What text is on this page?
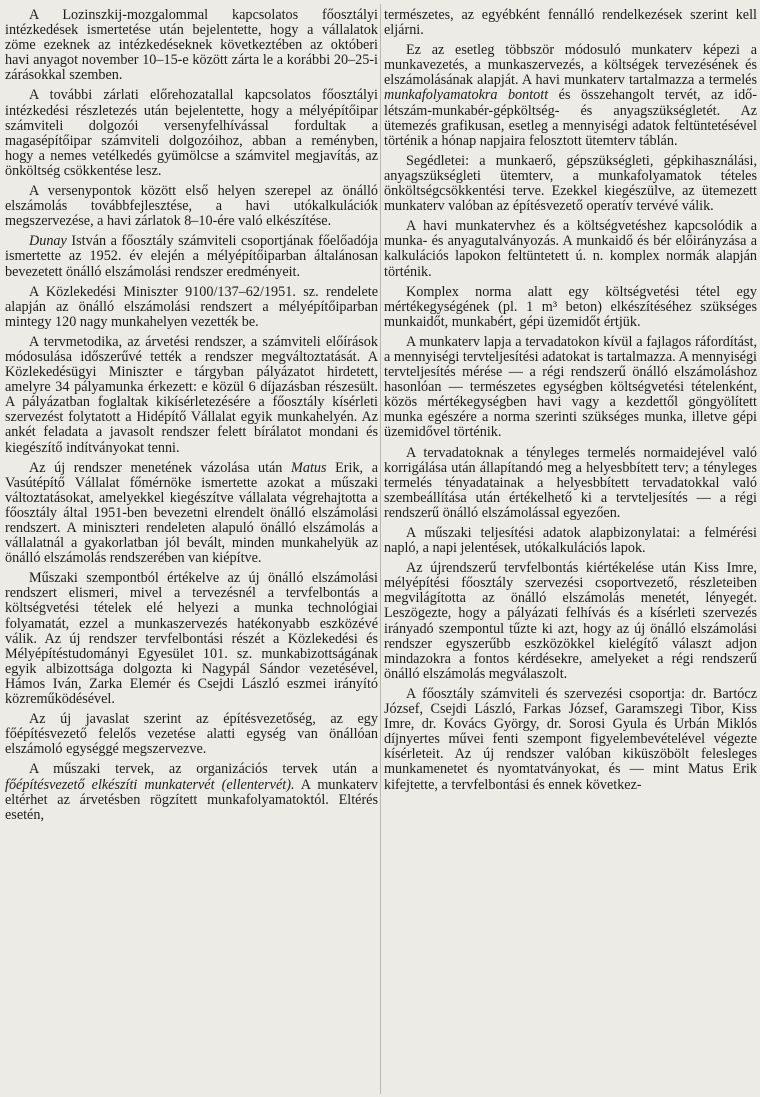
A Lozinszkij-mozgalommal kapcsolatos főosztályi intézkedések ismertetése után bejelentette, hogy a vállalatok zöme ezeknek az intézkedéseknek következtében az októberi havi anyagot november 10–15-e között zárta le a korábbi 20–25-i zárásokkal szemben.

A további zárlati előrehozatallal kapcsolatos főosztályi intézkedési részletezés után bejelentette, hogy a mélyépítőipar számviteli dolgozói versenyfelhívással fordultak a magasépítőipar számviteli dolgozóihoz, abban a reményben, hogy a nemes vetélkedés gyümölcse a számvitel megjavítás, az önköltség csökkentése lesz.

A versenypontok között első helyen szerepel az önálló elszámolás továbbfejlesztése, a havi utókalkulációk megszervezése, a havi zárlatok 8–10-ére való elkészítése.

Dunay István a főosztály számviteli csoportjának főelőadója ismertette az 1952. év elején a mélyépítőiparban általánosan bevezetett önálló elszámolási rendszer eredményeit.

A Közlekedési Miniszter 9100/137–62/1951. sz. rendelete alapján az önálló elszámolási rendszert a mélyépítőiparban mintegy 120 nagy munkahelyen vezették be.

A tervmetodika, az árvetési rendszer, a számviteli előírások módosulása időszerűvé tették a rendszer megváltoztatását. A Közlekedésügyi Miniszter e tárgyban pályázatot hirdetett, amelyre 34 pályamunka érkezett: e közül 6 díjazásban részesült. A pályázatban foglaltak kikísérletezésére a főosztály kísérleti szervezést folytatott a Hidépítő Vállalat egyik munkahelyén. Az ankét feladata a javasolt rendszer felett bírálatot mondani és kiegészítő indítványokat tenni.

Az új rendszer menetének vázolása után Matus Erik, a Vasútépítő Vállalat főmérnöke ismertette azokat a műszaki változtatásokat, amelyekkel kiegészítve vállalata végrehajtotta a főosztály által 1951-ben bevezetni elrendelt önálló elszámolási rendszert. A miniszteri rendeleten alapuló önálló elszámolás a vállalatnál a gyakorlatban jól bevált, minden munkahelyük az önálló elszámolás rendszerében van kiépítve.

Műszaki szempontból értékelve az új önálló elszámolási rendszert elismeri, mivel a tervezésnél a tervfelbontás a költségvetési tételek elé helyezi a munka technológiai folyamatát, ezzel a munkaszervezés hatékonyabb eszközévé válik. Az új rendszer tervfelbontási részét a Közlekedési és Mélyépítéstudományi Egyesület 101. sz. munkabizottságának egyik albizottsága dolgozta ki Nagypál Sándor vezetésével, Hámos Iván, Zarka Elemér és Csejdi László eszmei irányító közreműködésével.

Az új javaslat szerint az építésvezetőség, az egy főépítésvezető felelős vezetése alatti egység van önállóan elszámoló egységgé megszervezve.

A műszaki tervek, az organizációs tervek után a főépítésvezető elkészíti munkatervét (ellentervét). A munkaterv eltérhet az árvetésben rögzített munkafolyamatoktól. Eltérés esetén,

természetes, az egyébként fennálló rendelkezések szerint kell eljárni.

Ez az esetleg többször módosuló munkaterv képezi a munkavezetés, a munkaszervezés, a költségek tervezésének és elszámolásának alapját. A havi munkaterv tartalmazza a termelés munkafolyamatokra bontott és összehangolt tervét, az idő-létszám-munkabér-gépköltség- és anyagszükségletét. Az ütemezés grafikusan, esetleg a mennyiségi adatok feltüntetésével történik a hónap napjaira felosztott ütemterv táblán.

Segédletei: a munkaerő, gépszükségleti, gépkihasználási, anyagszükségleti ütemterv, a munkafolyamatok tételes önköltségcsökkentési terve. Ezekkel kiegészülve, az ütemezett munkaterv valóban az építésvezető operatív tervévé válik.

A havi munkatervhez és a költségvetéshez kapcsolódik a munka- és anyagutalványozás. A munkaidő és bér előirányzása a kalkulációs lapokon feltüntetett ú. n. komplex normák alapján történik.

Komplex norma alatt egy költségvetési tétel egy mértékegységének (pl. 1 m³ beton) elkészítéséhez szükséges munkaidőt, munkabért, gépi üzemidőt értjük.

A munkaterv lapja a tervadatokon kívül a fajlagos ráfordítást, a mennyiségi tervteljesítési adatokat is tartalmazza. A mennyiségi tervteljesítés mérése — a régi rendszerű önálló elszámoláshoz hasonlóan — természetes egységben költségvetési tételenként, közös mértékegységben havi vagy a kezdettől göngyölített munka egészére a norma szerinti szükséges munka, illetve gépi üzemidővel történik.

A tervadatoknak a tényleges termelés normaidejével való korrigálása után állapítandó meg a helyesbbített terv; a tényleges termelés tényadatainak a helyesbbített tervadatokkal való szembeállítása után értékelhető ki a tervteljesítés — a régi rendszerű önálló elszámolással egyezően.

A műszaki teljesítési adatok alapbizonylatai: a felmérési napló, a napi jelentések, utókalkulációs lapok.

Az újrendszerű tervfelbontás kiértékelése után Kiss Imre, mélyépítési főosztály szervezési csoportvezető, részleteiben megvilágította az önálló elszámolás menetét, lényegét. Leszögezte, hogy a pályázati felhívás és a kísérleti szervezés irányadó szempontul tűzte ki azt, hogy az új önálló elszámolási rendszer egyszerűbb eszközökkel kielégítő választ adjon mindazokra a fontos kérdésekre, amelyeket a régi rendszerű önálló elszámolás megválaszolt.

A főosztály számviteli és szervezési csoportja: dr. Bartócz József, Csejdi László, Farkas József, Garamszegi Tibor, Kiss Imre, dr. Kovács György, dr. Sorosi Gyula és Urbán Miklós díjnyertes művei fenti szempont figyelembevételével végezte kísérleteit. Az új rendszer valóban kiküszöbölt felesleges munkamenetet és nyomtatványokat, és — mint Matus Erik kifejtette, a tervfelbontási és ennek következ-
